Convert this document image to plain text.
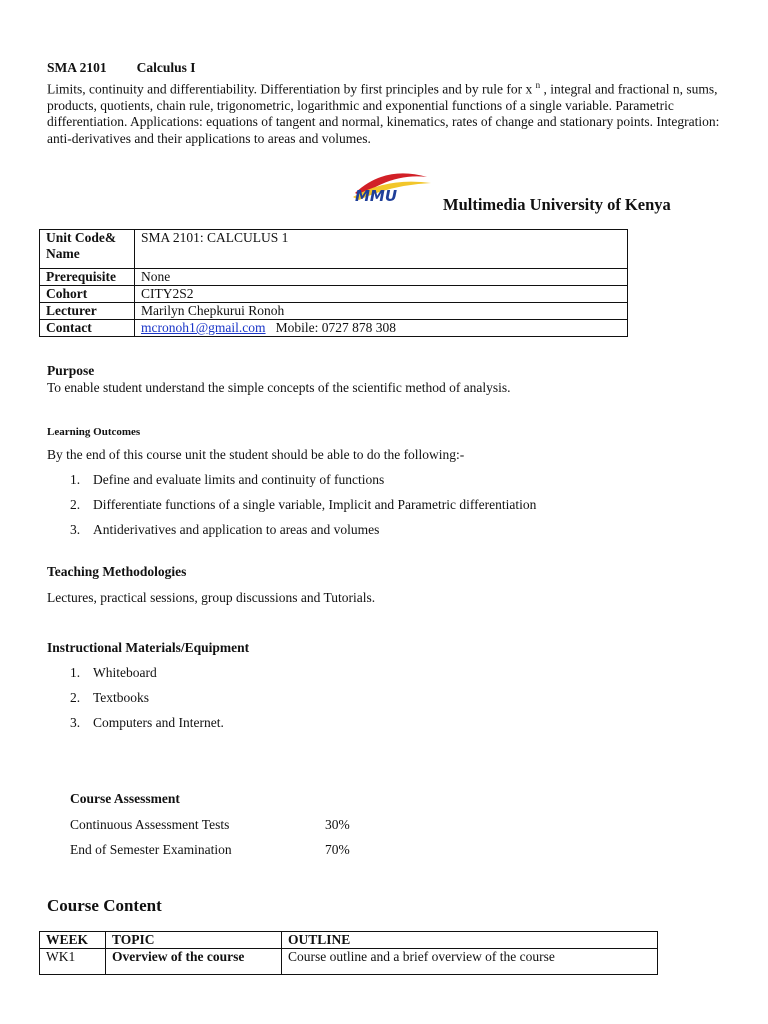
SMA 2101 Calculus I
Limits, continuity and differentiability. Differentiation by first principles and by rule for x $^n$ , integral and fractional n, sums, products, quotients, chain rule, trigonometric, logarithmic and exponential functions of a single variable. Parametric differentiation. Applications: equations of tangent and normal, kinematics, rates of change and stationary points. Integration: anti-derivatives and their applications to areas and volumes.
MMU	Multimedia University of Kenya
Unit Code& Name	SMA 2101: CALCULUS 1
Prerequisite	None
Cohort	CITY2S2
Lecturer	Marilyn Chepkurui Ronoh
Contact	mcronoh1@gmail.com Mobile: 0727 878 308
Purpose
To enable student understand the simple concepts of the scientific method of analysis.
Learning Outcomes
By the end of this course unit the student should be able to do the following:-
1. Define and evaluate limits and continuity of functions
2. Differentiate functions of a single variable, Implicit and Parametric differentiation
3. Antiderivatives and application to areas and volumes
Teaching Methodologies
Lectures, practical sessions, group discussions and Tutorials.
Instructional Materials/Equipment
1. Whiteboard
2. Textbooks
3. Computers and Internet.
Course Assessment
Continuous Assessment Tests	30%
End of Semester Examination	70%
Course Content
WEEK	TOPIC	OUTLINE
WK1	Overview of the course	Course outline and a brief overview of the course
